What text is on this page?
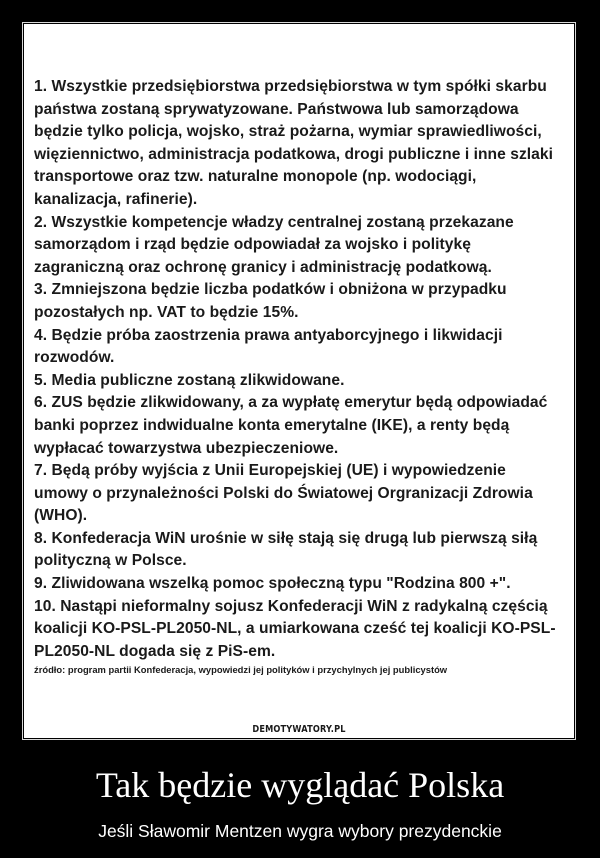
1. Wszystkie przedsiębiorstwa przedsiębiorstwa w tym spółki skarbu państwa zostaną sprywatyzowane. Państwowa lub samorządowa będzie tylko policja, wojsko, straż pożarna, wymiar sprawiedliwości, więziennictwo, administracja podatkowa, drogi publiczne i inne szlaki transportowe oraz tzw. naturalne monopole (np. wodociągi, kanalizacja, rafinerie).
2. Wszystkie kompetencje władzy centralnej zostaną przekazane samorządom i rząd będzie odpowiadał za wojsko i politykę zagraniczną oraz ochronę granicy i administrację podatkową.
3. Zmniejszona będzie liczba podatków i obniżona w przypadku pozostałych np. VAT to będzie 15%.
4. Będzie próba zaostrzenia prawa antyaborcyjnego i likwidacji rozwodów.
5. Media publiczne zostaną zlikwidowane.
6. ZUS będzie zlikwidowany, a za wypłatę emerytur będą odpowiadać banki poprzez indwidualne konta emerytalne (IKE), a renty będą wypłacać towarzystwa ubezpieczeniowe.
7. Będą próby wyjścia z Unii Europejskiej (UE) i wypowiedzenie umowy o przynależności Polski do Światowej Orgranizacji Zdrowia (WHO).
8. Konfederacja WiN urośnie w siłę stają się drugą lub pierwszą siłą polityczną w Polsce.
9. Zliwidowana wszelką pomoc społeczną typu "Rodzina 800 +".
10. Nastąpi nieformalny sojusz Konfederacji WiN z radykalną częścią koalicji KO-PSL-PL2050-NL, a umiarkowana cześć tej koalicji KO-PSL-PL2050-NL dogada się z PiS-em.
źródło: program partii Konfederacja, wypowiedzi jej polityków i przychylnych jej publicystów
DEMOTYWATORY.PL
Tak będzie wyglądać Polska

Jeśli Sławomir Mentzen wygra wybory prezydenckie
